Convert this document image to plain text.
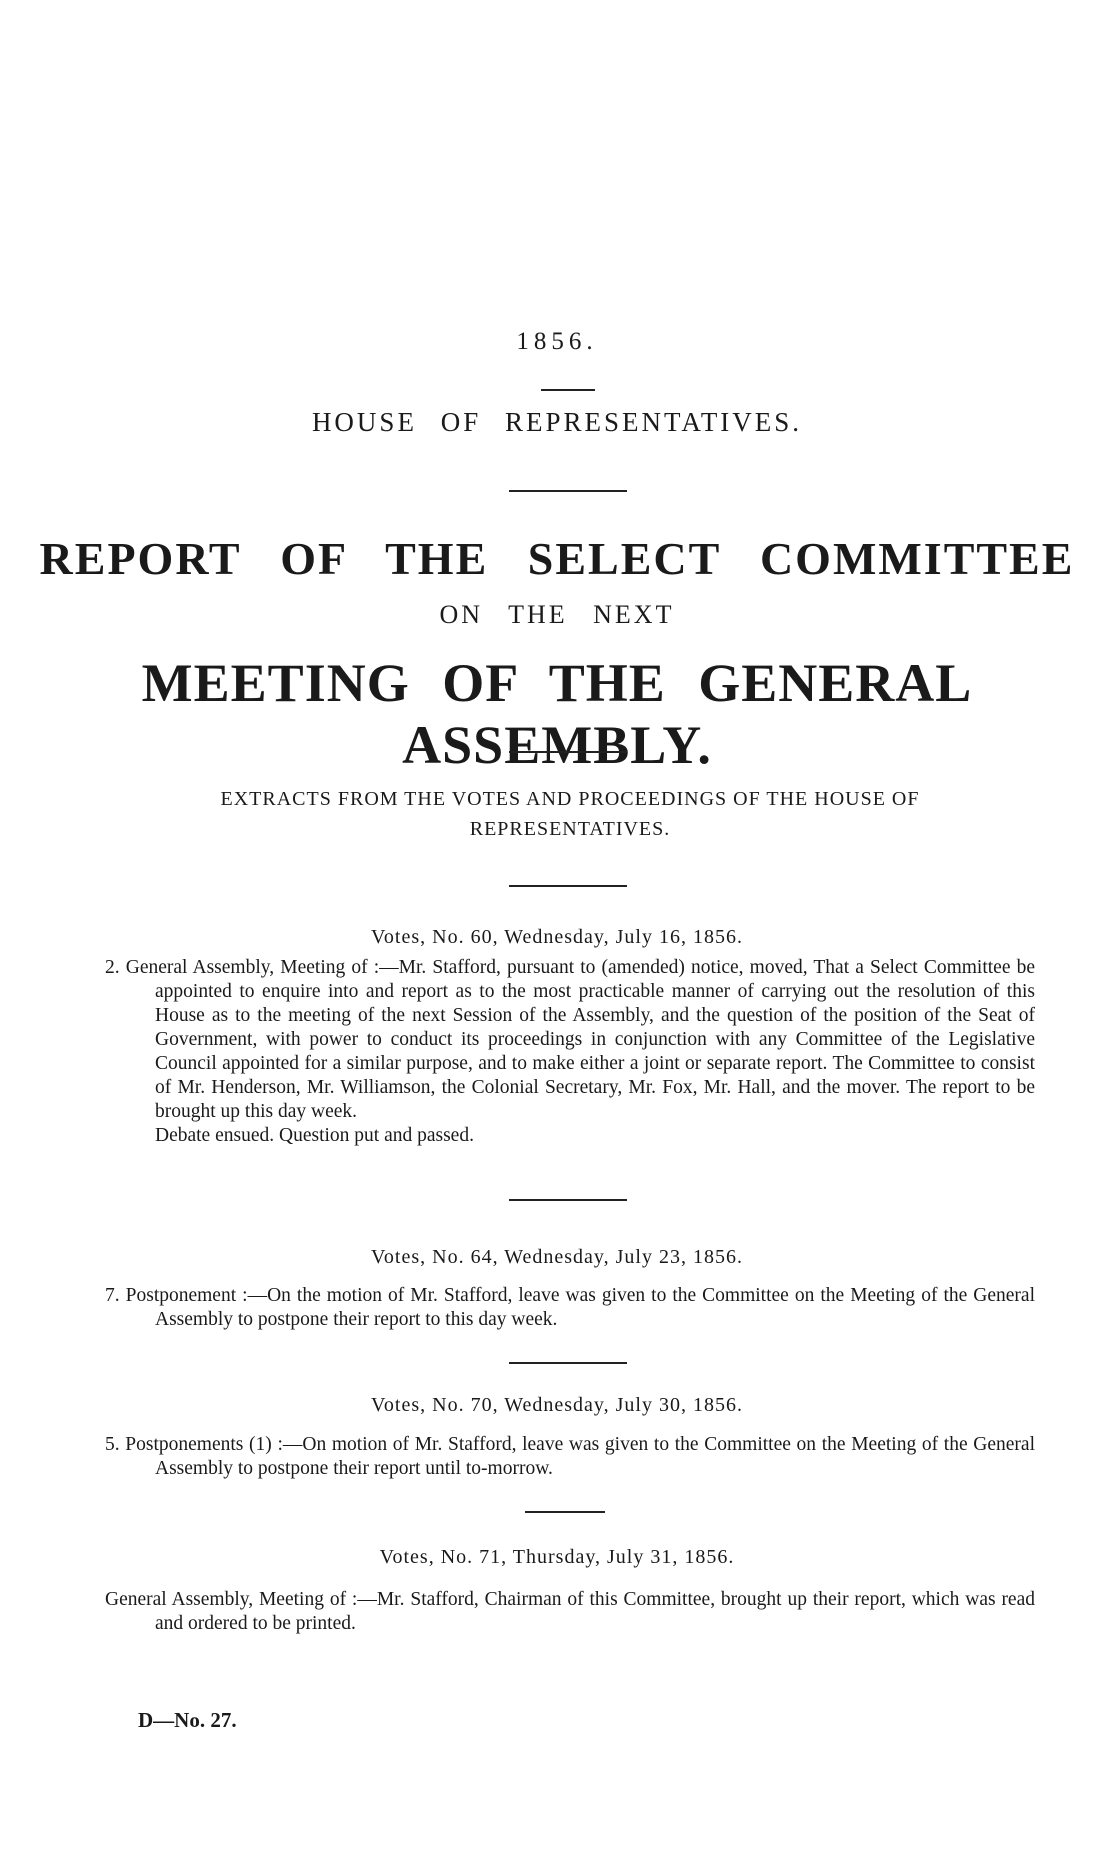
1856.
HOUSE OF REPRESENTATIVES.
REPORT OF THE SELECT COMMITTEE
ON THE NEXT
MEETING OF THE GENERAL ASSEMBLY.
EXTRACTS FROM THE VOTES AND PROCEEDINGS OF THE HOUSE OF REPRESENTATIVES.
Votes, No. 60, Wednesday, July 16, 1856.

2. General Assembly, Meeting of :—Mr. Stafford, pursuant to (amended) notice, moved, That a Select Committee be appointed to enquire into and report as to the most practicable manner of carrying out the resolution of this House as to the meeting of the next Session of the Assembly, and the question of the position of the Seat of Government, with power to conduct its proceedings in conjunction with any Committee of the Legislative Council appointed for a similar purpose, and to make either a joint or separate report. The Committee to consist of Mr. Henderson, Mr. Williamson, the Colonial Secretary, Mr. Fox, Mr. Hall, and the mover. The report to be brought up this day week.

Debate ensued. Question put and passed.

Votes, No. 64, Wednesday, July 23, 1856.

7. Postponement :—On the motion of Mr. Stafford, leave was given to the Committee on the Meeting of the General Assembly to postpone their report to this day week.

Votes, No. 70, Wednesday, July 30, 1856.

5. Postponements (1) :—On motion of Mr. Stafford, leave was given to the Committee on the Meeting of the General Assembly to postpone their report until to-morrow.

Votes, No. 71, Thursday, July 31, 1856.

General Assembly, Meeting of :—Mr. Stafford, Chairman of this Committee, brought up their report, which was read and ordered to be printed.

D—No. 27.
